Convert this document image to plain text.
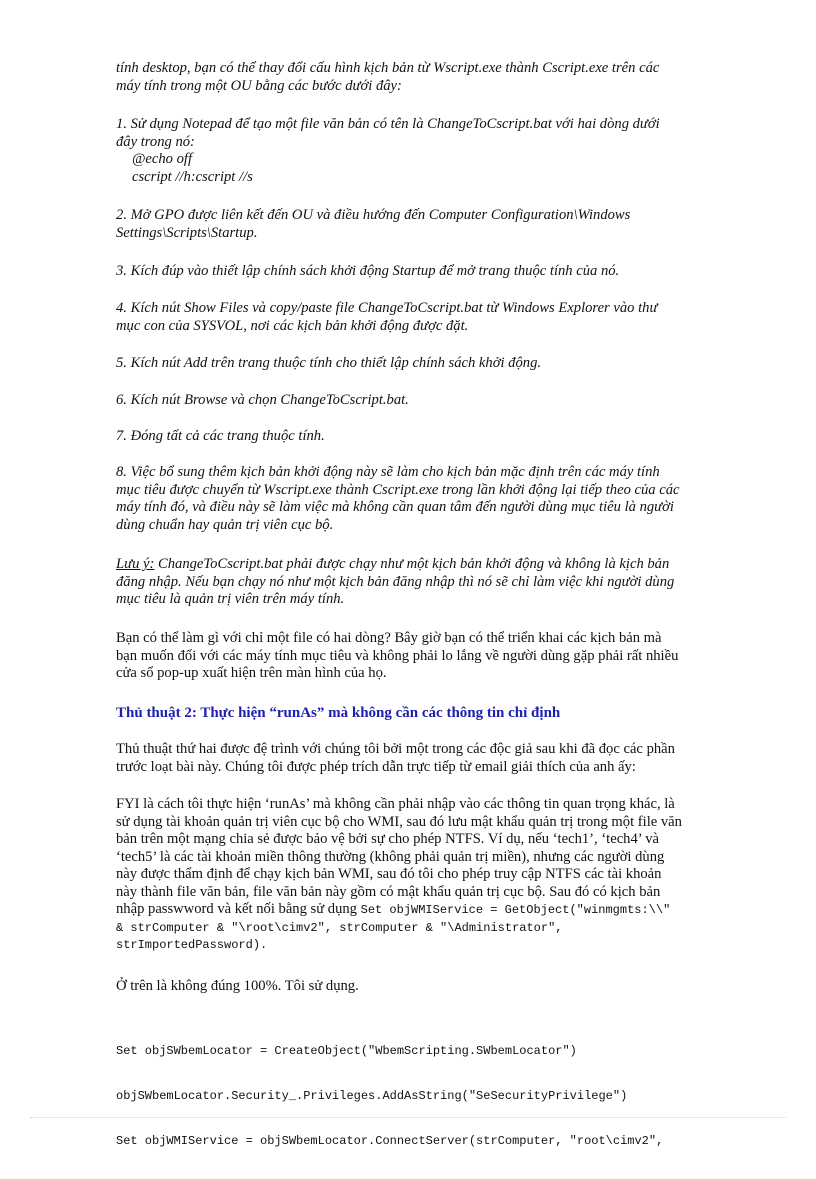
tính desktop, bạn có thể thay đổi cấu hình kịch bản từ Wscript.exe thành Cscript.exe trên các
máy tính trong một OU bằng các bước dưới đây:
1. Sử dụng Notepad để tạo một file văn bản có tên là ChangeToCscript.bat với hai dòng dưới
đây trong nó:
@echo off
cscript //h:cscript //s
2. Mở GPO được liên kết đến OU và điều hướng đến Computer Configuration\Windows
Settings\Scripts\Startup.
3. Kích đúp vào thiết lập chính sách khởi động Startup để mở trang thuộc tính của nó.
4. Kích nút Show Files và copy/paste file ChangeToCscript.bat từ Windows Explorer vào thư
mục con của SYSVOL, nơi các kịch bản khởi động được đặt.
5. Kích nút Add trên trang thuộc tính cho thiết lập chính sách khởi động.
6. Kích nút Browse và chọn ChangeToCscript.bat.
7. Đóng tất cả các trang thuộc tính.
8. Việc bổ sung thêm kịch bản khởi động này sẽ làm cho kịch bản mặc định trên các máy tính
mục tiêu được chuyển từ Wscript.exe thành Cscript.exe trong lần khởi động lại tiếp theo của các
máy tính đó, và điều này sẽ làm việc mà không cần quan tâm đến người dùng mục tiêu là người
dùng chuẩn hay quản trị viên cục bộ.
Lưu ý: ChangeToCscript.bat phải được chạy như một kịch bản khởi động và không là kịch bản
đăng nhập. Nếu bạn chạy nó như một kịch bản đăng nhập thì nó sẽ chỉ làm việc khi người dùng
mục tiêu là quản trị viên trên máy tính.
Bạn có thể làm gì với chỉ một file có hai dòng? Bây giờ bạn có thể triển khai các kịch bản mà
bạn muốn đối với các máy tính mục tiêu và không phải lo lắng về người dùng gặp phải rất nhiều
cửa sổ pop-up xuất hiện trên màn hình của họ.
Thủ thuật 2: Thực hiện “runAs” mà không cần các thông tin chỉ định
Thủ thuật thứ hai được đệ trình với chúng tôi bởi một trong các độc giả sau khi đã đọc các phần
trước loạt bài này. Chúng tôi được phép trích dẫn trực tiếp từ email giải thích của anh ấy:
FYI là cách tôi thực hiện ‘runAs’ mà không cần phải nhập vào các thông tin quan trọng khác, là
sử dụng tài khoản quản trị viên cục bộ cho WMI, sau đó lưu mật khẩu quản trị trong một file văn
bản trên một mạng chia sẻ được bảo vệ bởi sự cho phép NTFS. Ví dụ, nếu ‘tech1’, ‘tech4’ và
‘tech5’ là các tài khoản miền thông thường (không phải quản trị miền), nhưng các người dùng
này được thẩm định để chạy kịch bản WMI, sau đó tôi cho phép truy cập NTFS các tài khoản
này thành file văn bản, file văn bản này gồm có mật khẩu quản trị cục bộ. Sau đó có kịch bản
nhập passwword và kết nối bằng sử dụng Set objWMIService = GetObject("winmgmts:\\"
& strComputer & "\root\cimv2", strComputer & "\Administrator",
strImportedPassword).
Ở trên là không đúng 100%. Tôi sử dụng.

Set objSWbemLocator = CreateObject("WbemScripting.SWbemLocator")

objSWbemLocator.Security_.Privileges.AddAsString("SeSecurityPrivilege")

Set objWMIService = objSWbemLocator.ConnectServer(strComputer, "root\cimv2",
